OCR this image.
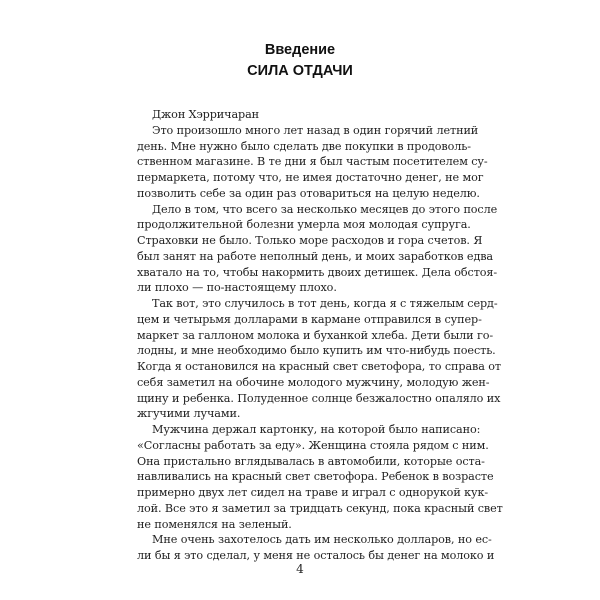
Введение
СИЛА ОТДАЧИ
Джон Хэрричаран
Это произошло много лет назад в один горячий летний
день. Мне нужно было сделать две покупки в продоволь-
ственном магазине. В те дни я был частым посетителем су-
пермаркета, потому что, не имея достаточно денег, не мог
позволить себе за один раз отовариться на целую неделю.
Дело в том, что всего за несколько месяцев до этого после
продолжительной болезни умерла моя молодая супруга.
Страховки не было. Только море расходов и гора счетов. Я
был занят на работе неполный день, и моих заработков едва
хватало на то, чтобы накормить двоих детишек. Дела обстоя-
ли плохо — по-настоящему плохо.
Так вот, это случилось в тот день, когда я с тяжелым серд-
цем и четырьмя долларами в кармане отправился в супер-
маркет за галлоном молока и буханкой хлеба. Дети были го-
лодны, и мне необходимо было купить им что-нибудь поесть.
Когда я остановился на красный свет светофора, то справа от
себя заметил на обочине молодого мужчину, молодую жен-
щину и ребенка. Полуденное солнце безжалостно опаляло их
жгучими лучами.
Мужчина держал картонку, на которой было написано:
«Согласны работать за еду». Женщина стояла рядом с ним.
Она пристально вглядывалась в автомобили, которые оста-
навливались на красный свет светофора. Ребенок в возрасте
примерно двух лет сидел на траве и играл с однорукой кук-
лой. Все это я заметил за тридцать секунд, пока красный свет
не поменялся на зеленый.
Мне очень захотелось дать им несколько долларов, но ес-
ли бы я это сделал, у меня не осталось бы денег на молоко и
4
